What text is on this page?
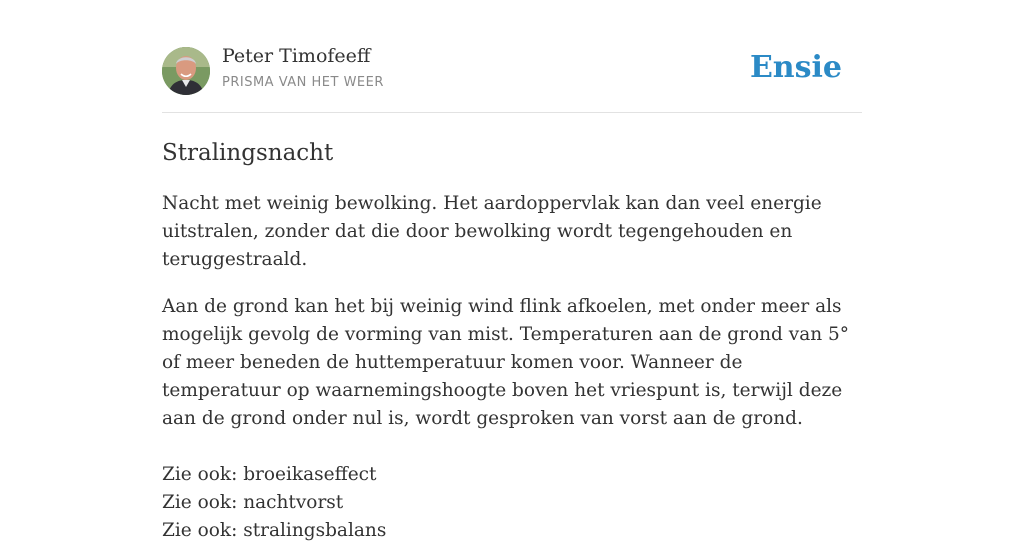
Peter Timofeeff
PRISMA VAN HET WEER	Ensie
Stralingsnacht

Nacht met weinig bewolking. Het aardoppervlak kan dan veel energie uitstralen, zonder dat die door bewolking wordt tegengehouden en teruggestraald.

Aan de grond kan het bij weinig wind flink afkoelen, met onder meer als mogelijk gevolg de vorming van mist. Temperaturen aan de grond van 5° of meer beneden de huttemperatuur komen voor. Wanneer de temperatuur op waarnemingshoogte boven het vriespunt is, terwijl deze aan de grond onder nul is, wordt gesproken van vorst aan de grond.

Zie ook: broeikaseffect
Zie ook: nachtvorst
Zie ook: stralingsbalans
